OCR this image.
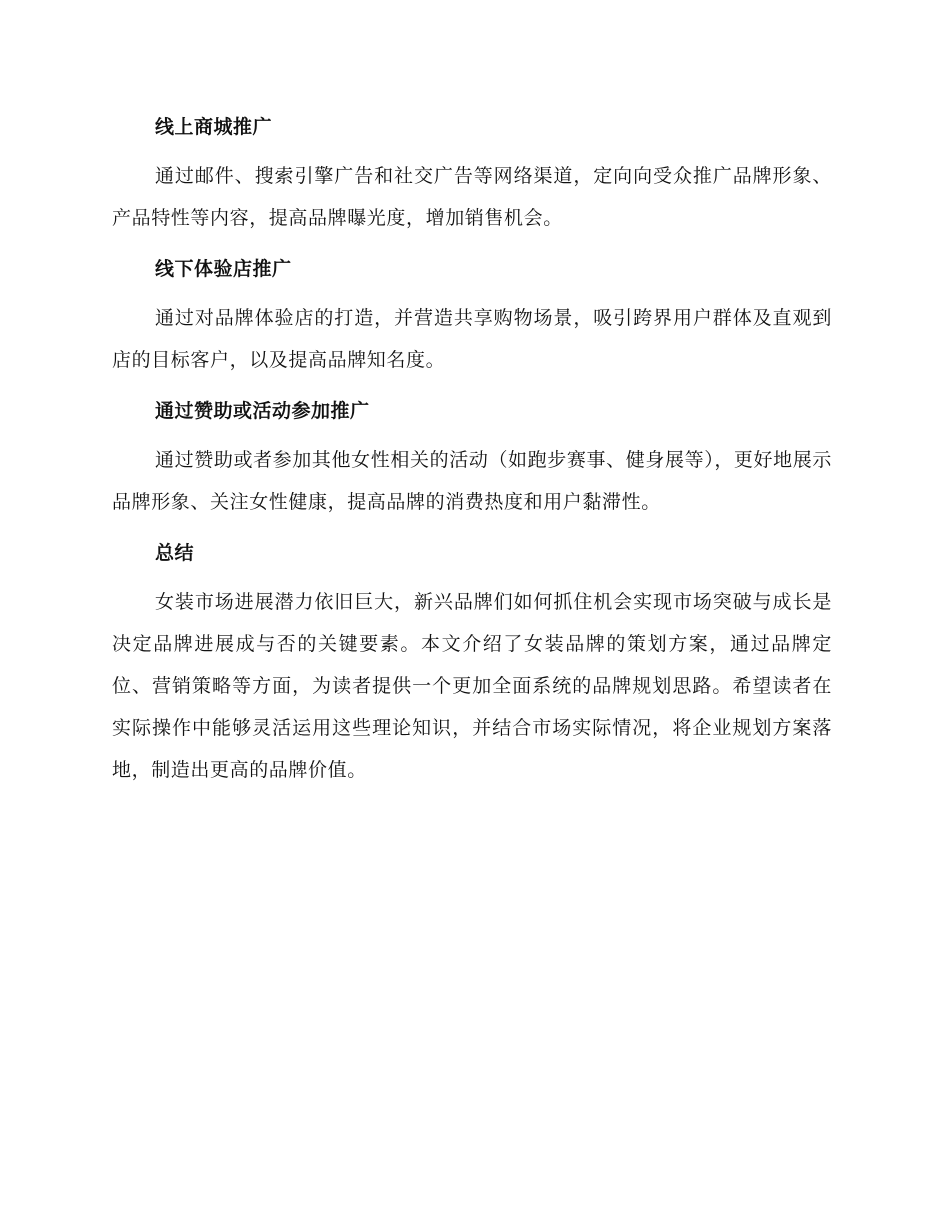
线上商城推广

通过邮件、搜索引擎广告和社交广告等网络渠道，定向向受众推广品牌形象、产品特性等内容，提高品牌曝光度，增加销售机会。

线下体验店推广

通过对品牌体验店的打造，并营造共享购物场景，吸引跨界用户群体及直观到店的目标客户，以及提高品牌知名度。

通过赞助或活动参加推广

通过赞助或者参加其他女性相关的活动（如跑步赛事、健身展等），更好地展示品牌形象、关注女性健康，提高品牌的消费热度和用户黏滞性。

总结

女装市场进展潜力依旧巨大，新兴品牌们如何抓住机会实现市场突破与成长是决定品牌进展成与否的关键要素。本文介绍了女装品牌的策划方案，通过品牌定位、营销策略等方面，为读者提供一个更加全面系统的品牌规划思路。希望读者在实际操作中能够灵活运用这些理论知识，并结合市场实际情况，将企业规划方案落地，制造出更高的品牌价值。
